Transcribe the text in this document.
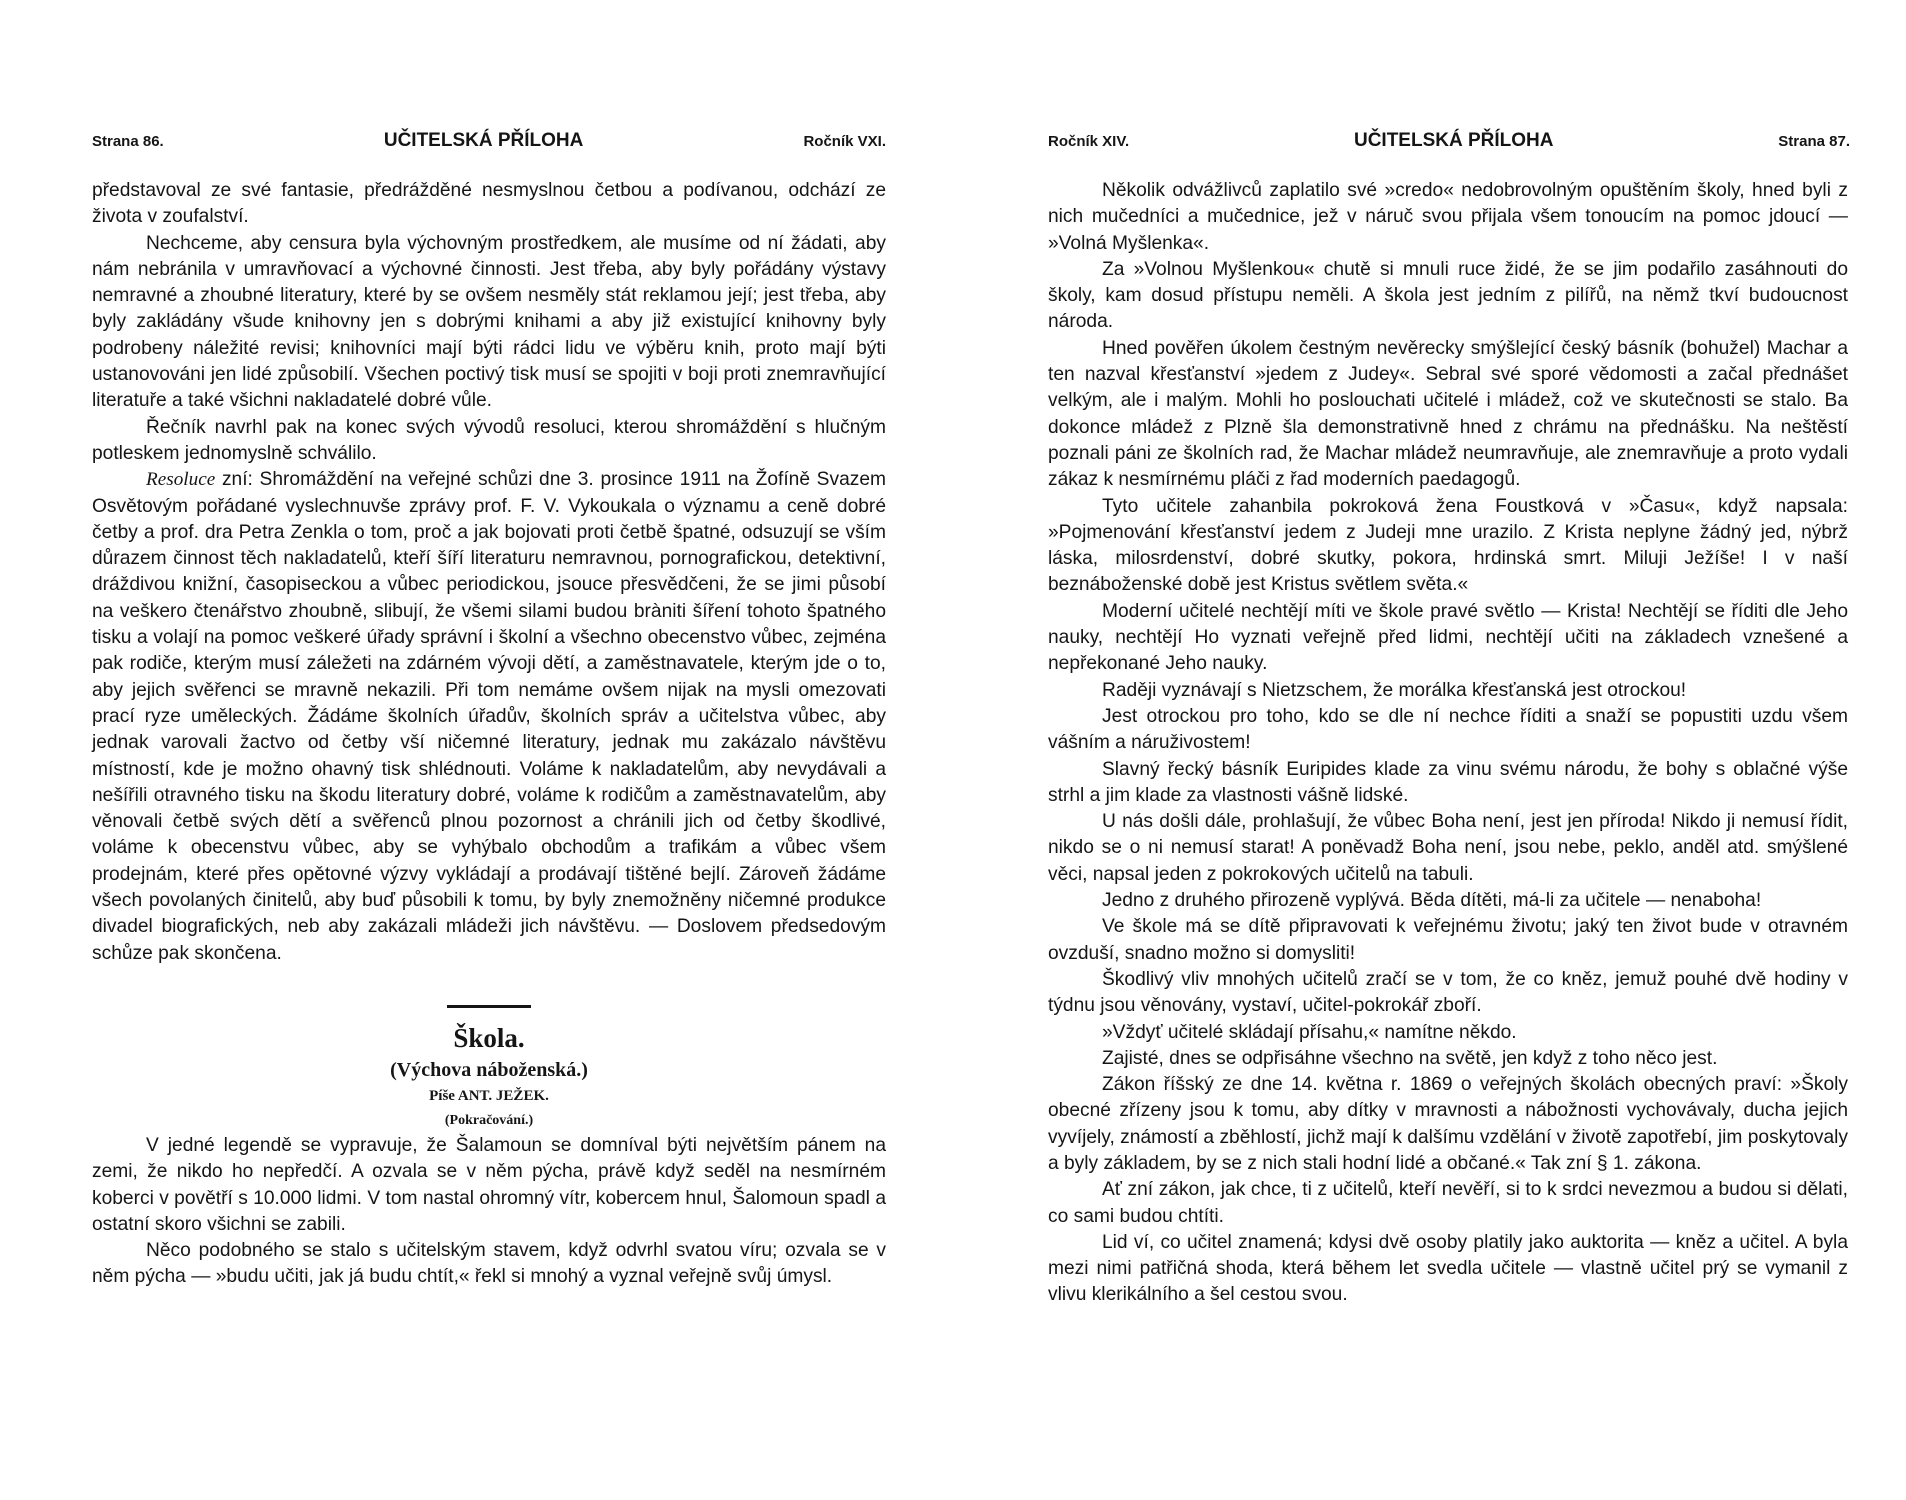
Strana 86.	UČITELSKÁ PŘÍLOHA	Ročník VXI.

představoval ze své fantasie, předrážděné nesmyslnou četbou a podívanou, odchází ze života v zoufalství.

Nechceme, aby censura byla výchovným prostředkem, ale musíme od ní žádati, aby nám nebránila v umravňovací a výchovné činnosti. Jest třeba, aby byly pořádány výstavy nemravné a zhoubné literatury, které by se ovšem nesměly stát reklamou její; jest třeba, aby byly zakládány všude knihovny jen s dobrými knihami a aby již existující knihovny byly podrobeny náležité revisi; knihovníci mají býti rádci lidu ve výběru knih, proto mají býti ustanovováni jen lidé způsobilí. Všechen poctivý tisk musí se spojiti v boji proti znemravňující literatuře a také všichni nakladatelé dobré vůle.

Řečník navrhl pak na konec svých vývodů resoluci, kterou shromáždění s hlučným potleskem jednomyslně schválilo.

Resoluce zní: Shromáždění na veřejné schůzi dne 3. prosince 1911 na Žofíně Svazem Osvětovým pořádané vyslechnuvše zprávy prof. F. V. Vykoukala o významu a ceně dobré četby a prof. dra Petra Zenkla o tom, proč a jak bojovati proti četbě špatné, odsuzují se vším důrazem činnost těch nakladatelů, kteří šíří literaturu nemravnou, pornografickou, detektivní, dráždivou knižní, časopiseckou a vůbec periodickou, jsouce přesvědčeni, že se jimi působí na veškero čtenářstvo zhoubně, slibují, že všemi silami budou bràniti šíření tohoto špatného tisku a volají na pomoc veškeré úřady správní i školní a všechno obecenstvo vůbec, zejména pak rodiče, kterým musí záležeti na zdárném vývoji dětí, a zaměstnavatele, kterým jde o to, aby jejich svěřenci se mravně nekazili. Při tom nemáme ovšem nijak na mysli omezovati prací ryze uměleckých. Žádáme školních úřadův, školních správ a učitelstva vůbec, aby jednak varovali žactvo od četby vší ničemné literatury, jednak mu zakázalo návštěvu místností, kde je možno ohavný tisk shlédnouti. Voláme k nakladatelům, aby nevydávali a nešířili otravného tisku na škodu literatury dobré, voláme k rodičům a zaměstnavatelům, aby věnovali četbě svých dětí a svěřenců plnou pozornost a chránili jich od četby škodlivé, voláme k obecenstvu vůbec, aby se vyhýbalo obchodům a trafikám a vůbec všem prodejnám, které přes opětovné výzvy vykládají a prodávají tištěné bejlí. Zároveň žádáme všech povolaných činitelů, aby buď působili k tomu, by byly znemožněny ničemné produkce divadel biografických, neb aby zakázali mládeži jich návštěvu. — Doslovem předsedovým schůze pak skončena.

Škola.

(Výchova náboženská.)

Píše ANT. JEŽEK.

(Pokračování.)

V jedné legendě se vypravuje, že Šalamoun se domníval býti největším pánem na zemi, že nikdo ho nepředčí. A ozvala se v něm pýcha, právě když seděl na nesmírném koberci v povětří s 10.000 lidmi. V tom nastal ohromný vítr, kobercem hnul, Šalomoun spadl a ostatní skoro všichni se zabili.

Něco podobného se stalo s učitelským stavem, když odvrhl svatou víru; ozvala se v něm pýcha — »budu učiti, jak já budu chtít,« řekl si mnohý a vyznal veřejně svůj úmysl.

Ročník XIV.	UČITELSKÁ PŘÍLOHA	Strana 87.

Několik odvážlivců zaplatilo své »credo« nedobrovolným opuštěním školy, hned byli z nich mučedníci a mučednice, jež v náruč svou přijala všem tonoucím na pomoc jdoucí — »Volná Myšlenka«.

Za »Volnou Myšlenkou« chutě si mnuli ruce židé, že se jim podařilo zasáhnouti do školy, kam dosud přístupu neměli. A škola jest jedním z pilířů, na němž tkví budoucnost národa.

Hned pověřen úkolem čestným nevěrecky smýšlející český básník (bohužel) Machar a ten nazval křesťanství »jedem z Judey«. Sebral své sporé vědomosti a začal přednášet velkým, ale i malým. Mohli ho poslouchati učitelé i mládež, což ve skutečnosti se stalo. Ba dokonce mládež z Plzně šla demonstrativně hned z chrámu na přednášku. Na neštěstí poznali páni ze školních rad, že Machar mládež neumravňuje, ale znemravňuje a proto vydali zákaz k nesmírnému pláči z řad moderních paedagogů.

Tyto učitele zahanbila pokroková žena Foustková v »Času«, když napsala: »Pojmenování křesťanství jedem z Judeji mne urazilo. Z Krista neplyne žádný jed, nýbrž láska, milosrdenství, dobré skutky, pokora, hrdinská smrt. Miluji Ježíše! I v naší beznáboženské době jest Kristus světlem světa.«

Moderní učitelé nechtějí míti ve škole pravé světlo — Krista! Nechtějí se říditi dle Jeho nauky, nechtějí Ho vyznati veřejně před lidmi, nechtějí učiti na základech vznešené a nepřekonané Jeho nauky.

Raději vyznávají s Nietzschem, že morálka křesťanská jest otrockou!

Jest otrockou pro toho, kdo se dle ní nechce říditi a snaží se popustiti uzdu všem vášním a náruživostem!

Slavný řecký básník Euripides klade za vinu svému národu, že bohy s oblačné výše strhl a jim klade za vlastnosti vášně lidské.

U nás došli dále, prohlašují, že vůbec Boha není, jest jen příroda! Nikdo ji nemusí řídit, nikdo se o ni nemusí starat! A poněvadž Boha není, jsou nebe, peklo, anděl atd. smýšlené věci, napsal jeden z pokrokových učitelů na tabuli.

Jedno z druhého přirozeně vyplývá. Běda dítěti, má-li za učitele — nenaboha!

Ve škole má se dítě připravovati k veřejnému životu; jaký ten život bude v otravném ovzduší, snadno možno si domysliti!

Škodlivý vliv mnohých učitelů zračí se v tom, že co kněz, jemuž pouhé dvě hodiny v týdnu jsou věnovány, vystaví, učitel-pokrokář zboří.

»Vždyť učitelé skládají přísahu,« namítne někdo.

Zajisté, dnes se odpřisáhne všechno na světě, jen když z toho něco jest.

Zákon říšský ze dne 14. května r. 1869 o veřejných školách obecných praví: »Školy obecné zřízeny jsou k tomu, aby dítky v mravnosti a nábožnosti vychovávaly, ducha jejich vyvíjely, známostí a zběhlostí, jichž mají k dalšímu vzdělání v životě zapotřebí, jim poskytovaly a byly základem, by se z nich stali hodní lidé a občané.« Tak zní § 1. zákona.

Ať zní zákon, jak chce, ti z učitelů, kteří nevěří, si to k srdci nevezmou a budou si dělati, co sami budou chtíti.

Lid ví, co učitel znamená; kdysi dvě osoby platily jako auktorita — kněz a učitel. A byla mezi nimi patřičná shoda, která během let svedla učitele — vlastně učitel prý se vymanil z vlivu klerikálního a šel cestou svou.
